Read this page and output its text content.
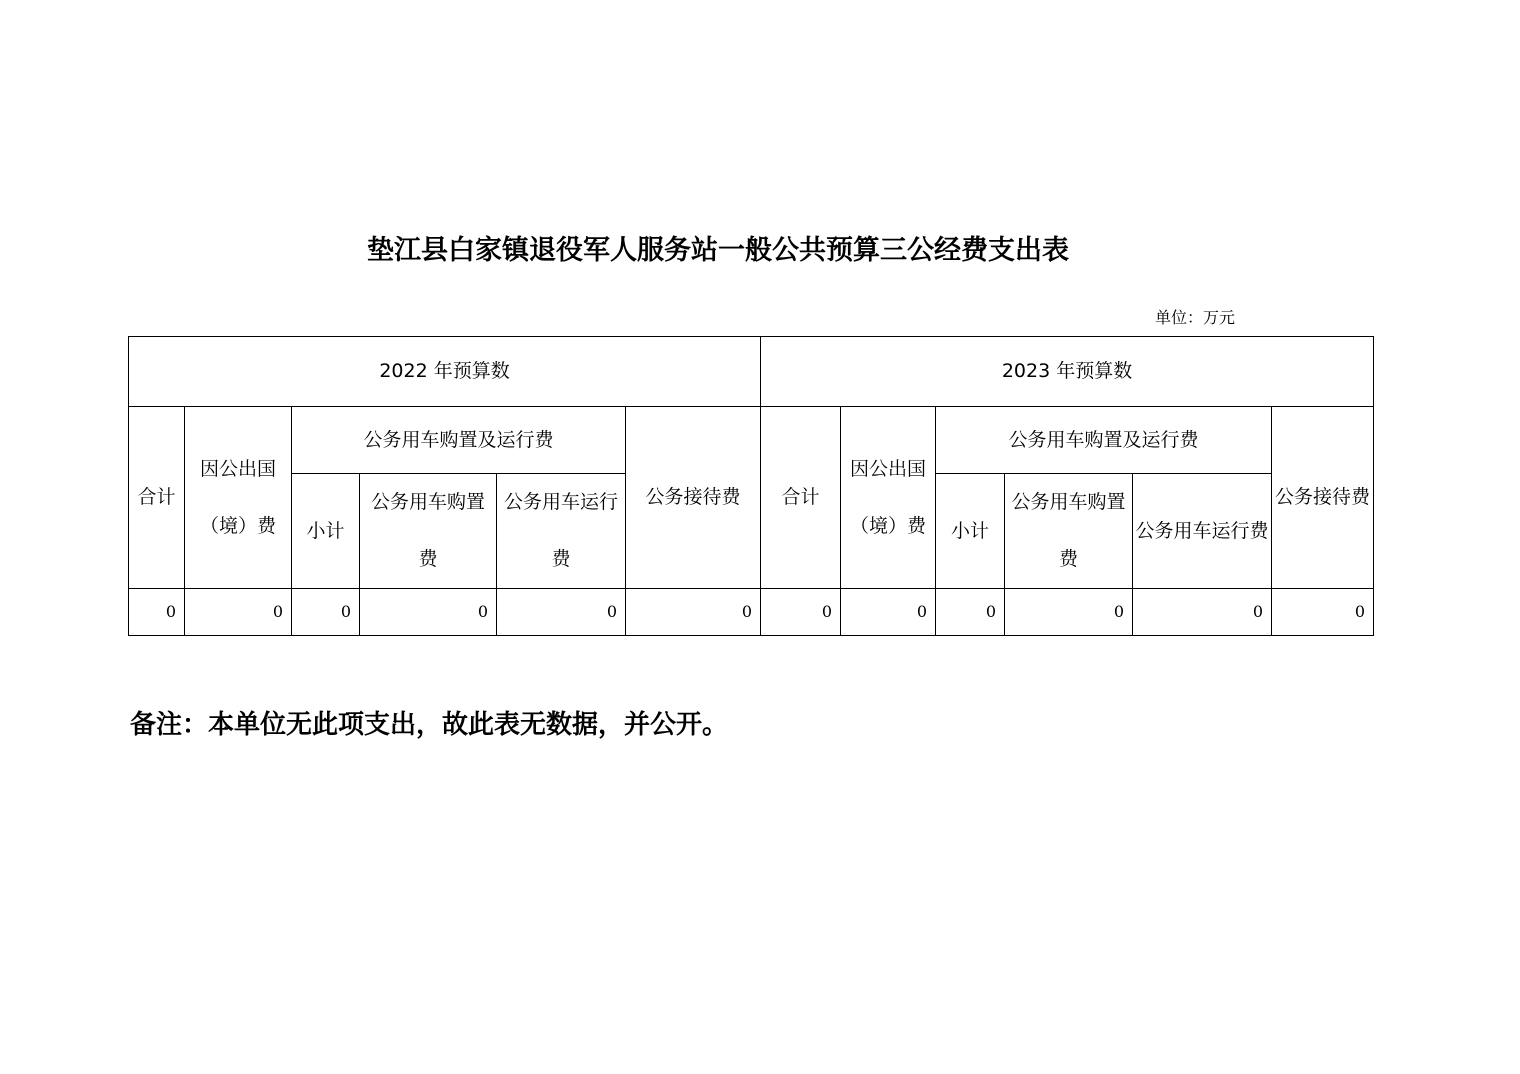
垫江县白家镇退役军人服务站一般公共预算三公经费支出表
单位：万元
2022 年预算数						2023 年预算数					
合计	因公出国（境）费	公务用车购置及运行费			公务接待费	合计	因公出国（境）费	公务用车购置及运行费			公务接待费
		小计	公务用车购置费	公务用车运行费				小计	公务用车购置费	公务用车运行费	
0	0	0	0	0	0	0	0	0	0	0	0
备注：本单位无此项支出，故此表无数据，并公开。
